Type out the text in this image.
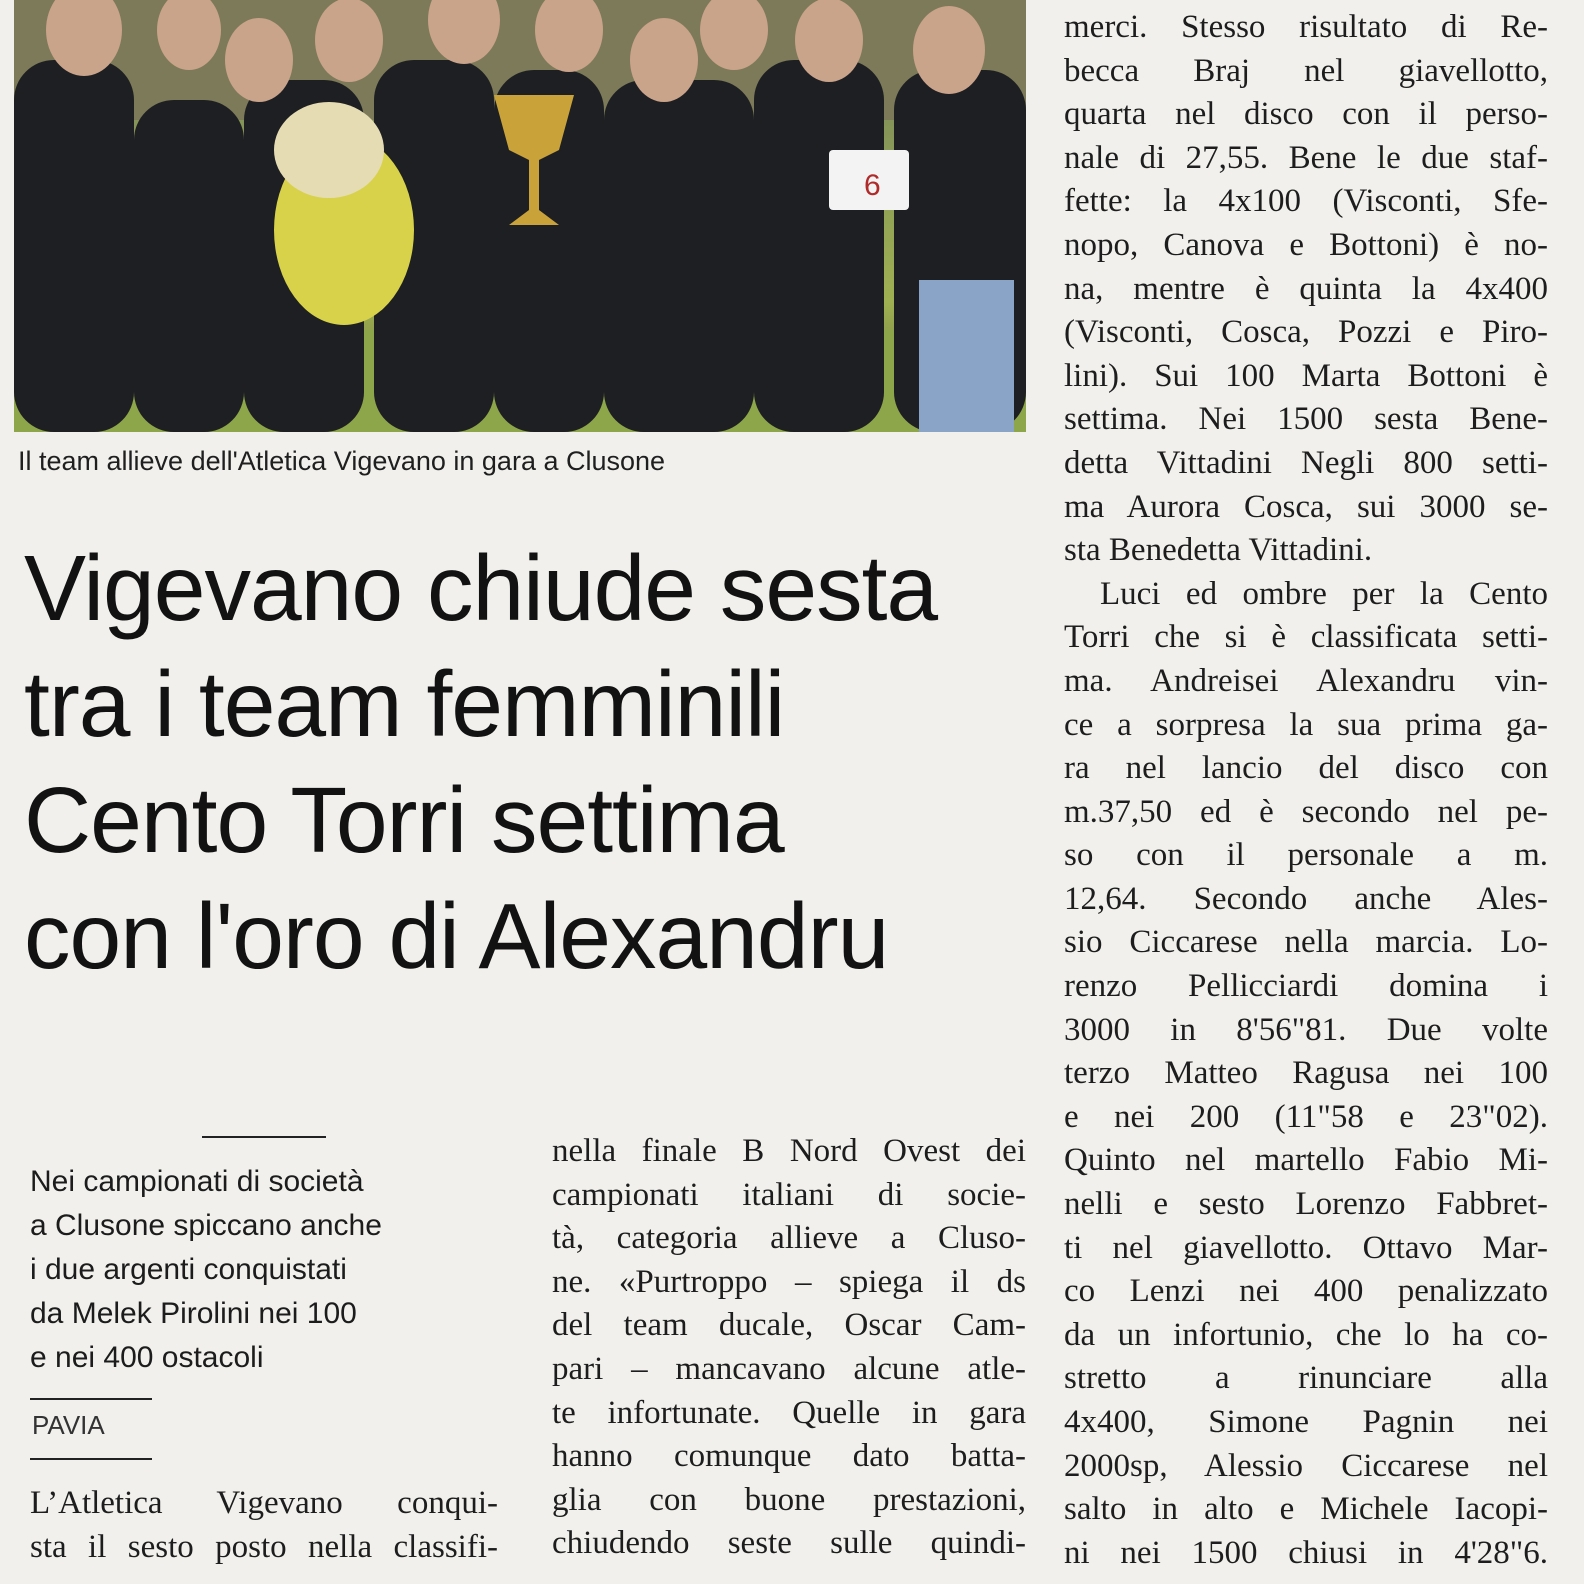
6
Il team allieve dell'Atletica Vigevano in gara a Clusone
Vigevano chiude sesta
tra i team femminili
Cento Torri settima
con l'oro di Alexandru
Nei campionati di società
a Clusone spiccano anche
i due argenti conquistati
da Melek Pirolini nei 100
e nei 400 ostacoli
PAVIA
L’Atletica Vigevano conqui-
sta il sesto posto nella classifi-
nella finale B Nord Ovest dei
campionati italiani di socie-
tà, categoria allieve a Cluso-
ne. «Purtroppo – spiega il ds
del team ducale, Oscar Cam-
pari – mancavano alcune atle-
te infortunate. Quelle in gara
hanno comunque dato batta-
glia con buone prestazioni,
chiudendo seste sulle quindi-
merci. Stesso risultato di Re-
becca Braj nel giavellotto,
quarta nel disco con il perso-
nale di 27,55. Bene le due staf-
fette: la 4x100 (Visconti, Sfe-
nopo, Canova e Bottoni) è no-
na, mentre è quinta la 4x400
(Visconti, Cosca, Pozzi e Piro-
lini). Sui 100 Marta Bottoni è
settima. Nei 1500 sesta Bene-
detta Vittadini Negli 800 setti-
ma Aurora Cosca, sui 3000 se-
sta Benedetta Vittadini.
Luci ed ombre per la Cento
Torri che si è classificata setti-
ma. Andreisei Alexandru vin-
ce a sorpresa la sua prima ga-
ra nel lancio del disco con
m.37,50 ed è secondo nel pe-
so con il personale a m.
12,64. Secondo anche Ales-
sio Ciccarese nella marcia. Lo-
renzo Pellicciardi domina i
3000 in 8'56"81. Due volte
terzo Matteo Ragusa nei 100
e nei 200 (11"58 e 23"02).
Quinto nel martello Fabio Mi-
nelli e sesto Lorenzo Fabbret-
ti nel giavellotto. Ottavo Mar-
co Lenzi nei 400 penalizzato
da un infortunio, che lo ha co-
stretto a rinunciare alla
4x400, Simone Pagnin nei
2000sp, Alessio Ciccarese nel
salto in alto e Michele Iacopi-
ni nei 1500 chiusi in 4'28"6.
